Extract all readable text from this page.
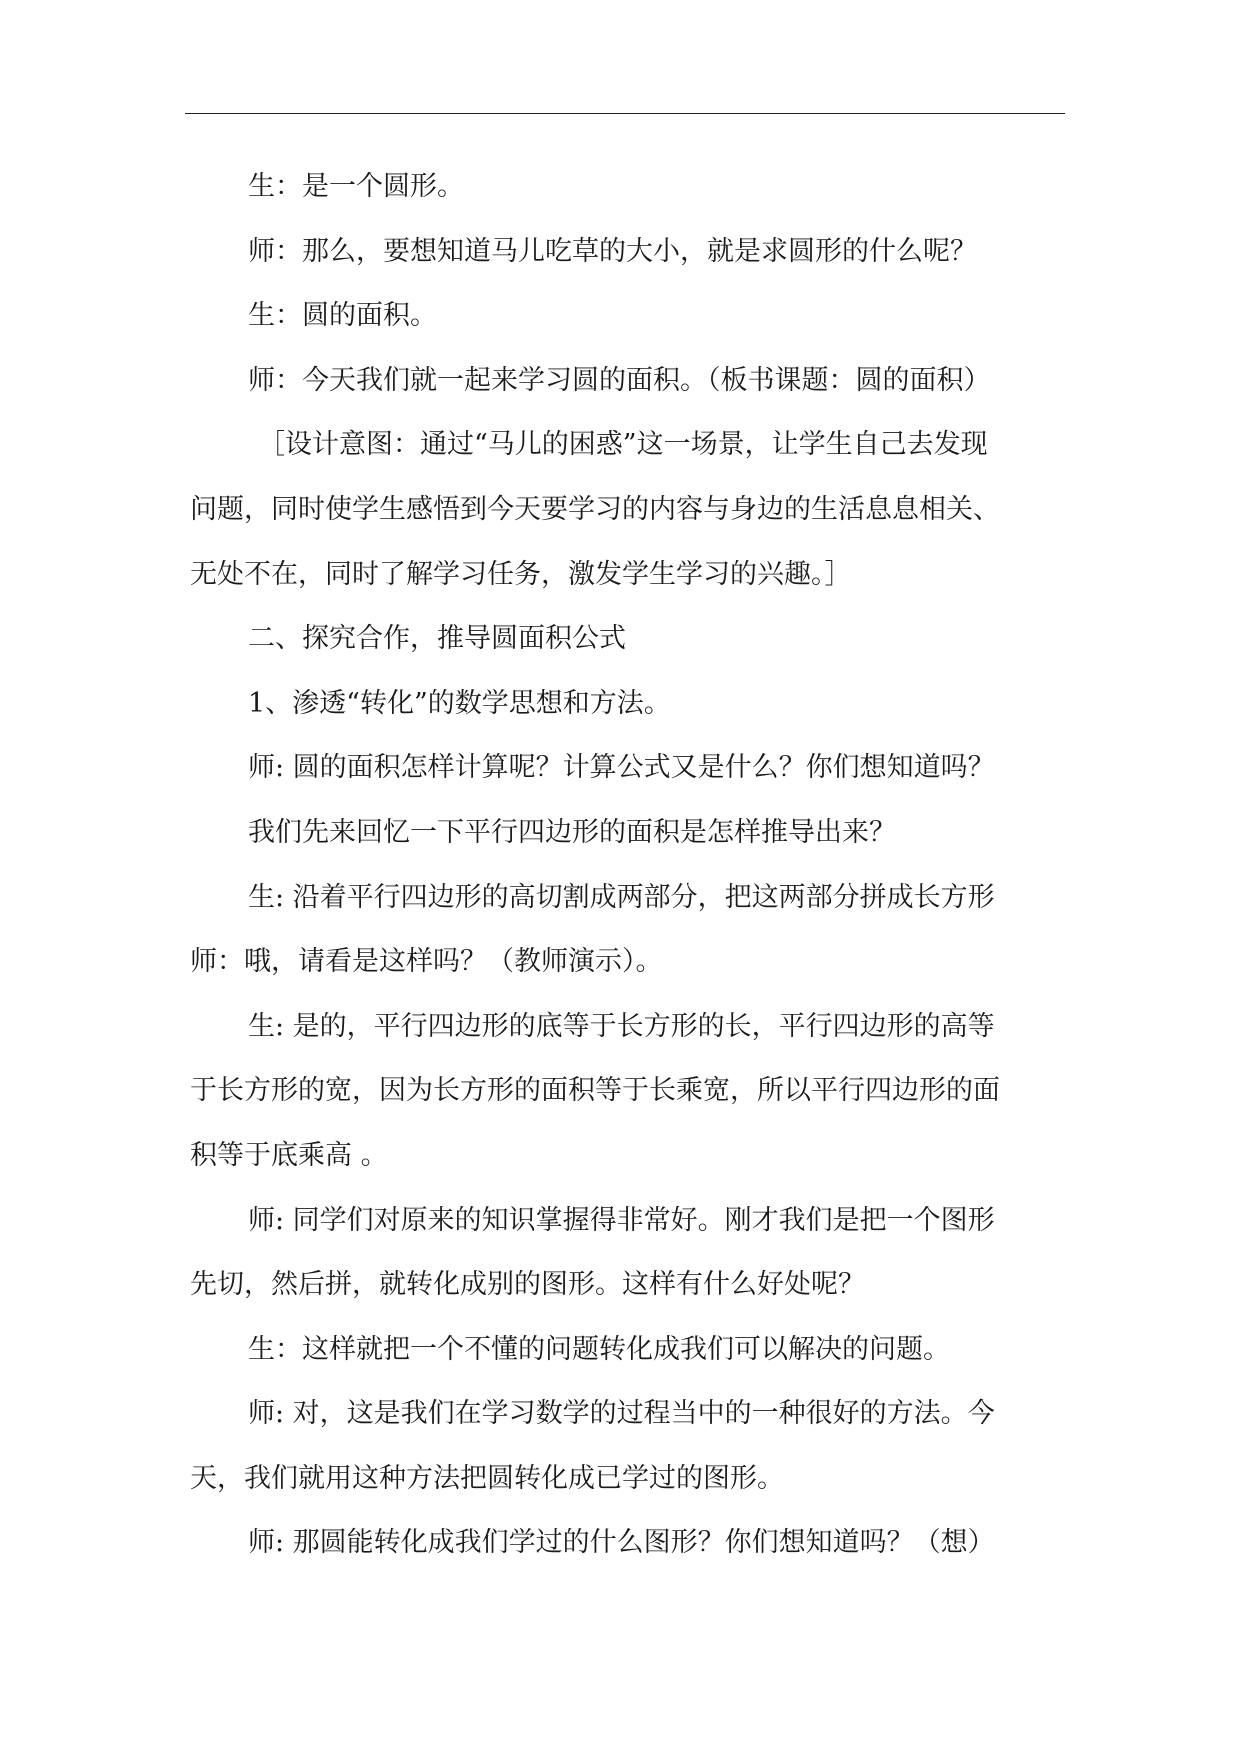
生：是一个圆形。
师：那么，要想知道马儿吃草的大小，就是求圆形的什么呢？
生：圆的面积。
师：今天我们就一起来学习圆的面积。（板书课题：圆的面积）
［设计意图：通过“马儿的困惑”这一场景，让学生自己去发现
问题，同时使学生感悟到今天要学习的内容与身边的生活息息相关、
无处不在，同时了解学习任务，激发学生学习的兴趣。］
二、探究合作，推导圆面积公式
1、渗透“转化”的数学思想和方法。
师: 圆的面积怎样计算呢？计算公式又是什么？你们想知道吗？
我们先来回忆一下平行四边形的面积是怎样推导出来？
生: 沿着平行四边形的高切割成两部分，把这两部分拼成长方形
师：哦，请看是这样吗？（教师演示）。
生: 是的，平行四边形的底等于长方形的长，平行四边形的高等
于长方形的宽，因为长方形的面积等于长乘宽，所以平行四边形的面
积等于底乘高 。
师: 同学们对原来的知识掌握得非常好。刚才我们是把一个图形
先切，然后拼，就转化成别的图形。这样有什么好处呢？
生：这样就把一个不懂的问题转化成我们可以解决的问题。
师: 对，这是我们在学习数学的过程当中的一种很好的方法。今
天，我们就用这种方法把圆转化成已学过的图形。
师: 那圆能转化成我们学过的什么图形？你们想知道吗？（想）
